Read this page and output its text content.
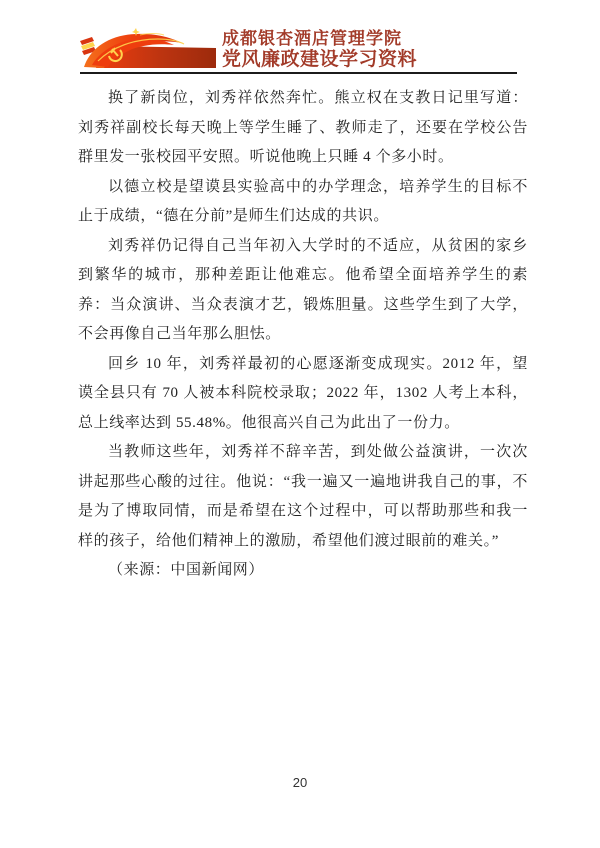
成都银杏酒店管理学院
党风廉政建设学习资料

换了新岗位，刘秀祥依然奔忙。熊立权在支教日记里写道：刘秀祥副校长每天晚上等学生睡了、教师走了，还要在学校公告群里发一张校园平安照。听说他晚上只睡 4 个多小时。

以德立校是望谟县实验高中的办学理念，培养学生的目标不止于成绩，“德在分前”是师生们达成的共识。

刘秀祥仍记得自己当年初入大学时的不适应，从贫困的家乡到繁华的城市，那种差距让他难忘。他希望全面培养学生的素养：当众演讲、当众表演才艺，锻炼胆量。这些学生到了大学，不会再像自己当年那么胆怯。

回乡 10 年，刘秀祥最初的心愿逐渐变成现实。2012 年，望谟全县只有 70 人被本科院校录取；2022 年，1302 人考上本科，总上线率达到 55.48%。他很高兴自己为此出了一份力。

当教师这些年，刘秀祥不辞辛苦，到处做公益演讲，一次次讲起那些心酸的过往。他说：“我一遍又一遍地讲我自己的事，不是为了博取同情，而是希望在这个过程中，可以帮助那些和我一样的孩子，给他们精神上的激励，希望他们渡过眼前的难关。”

（来源：中国新闻网）

20
